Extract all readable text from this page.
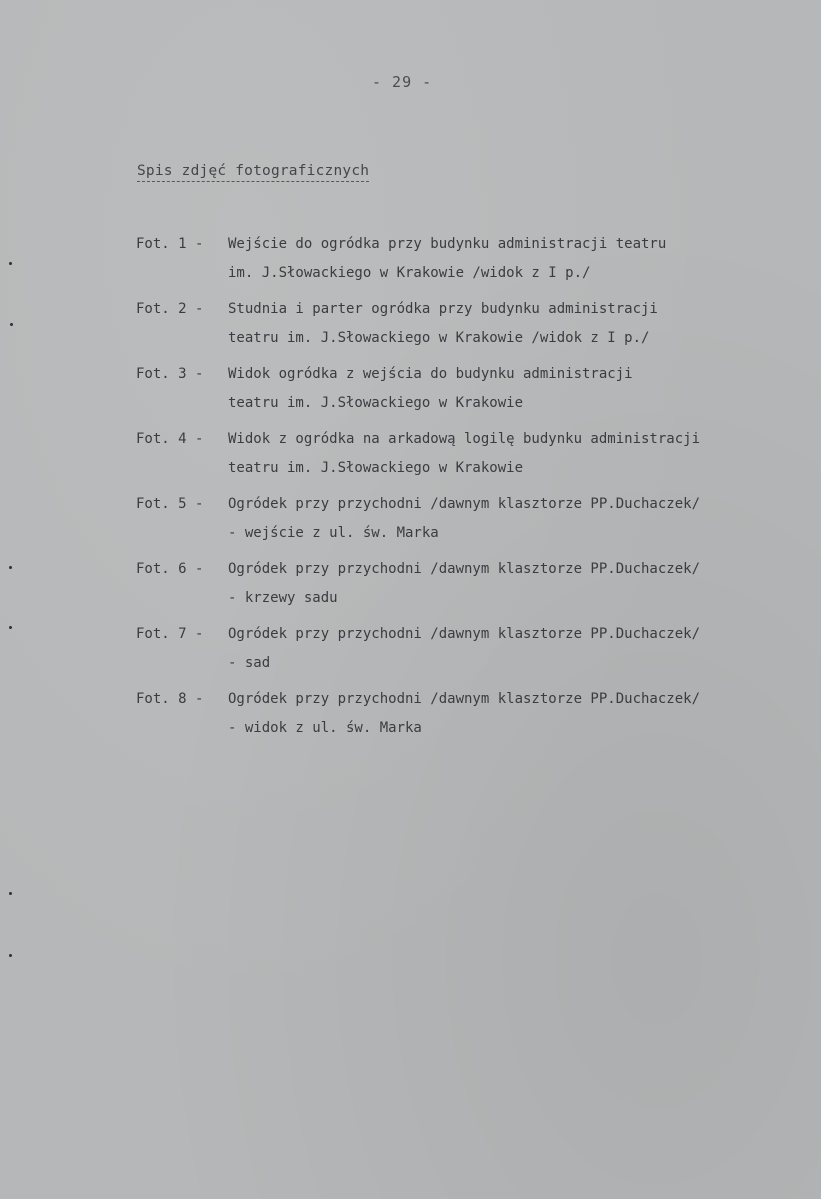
- 29 -
Spis zdjęć fotograficznych
Fot. 1 - Wejście do ogródka przy budynku administracji teatru
im. J.Słowackiego w Krakowie /widok z I p./
Fot. 2 - Studnia i parter ogródka przy budynku administracji
teatru im. J.Słowackiego w Krakowie /widok z I p./
Fot. 3 - Widok ogródka z wejścia do budynku administracji
teatru im. J.Słowackiego w Krakowie
Fot. 4 - Widok z ogródka na arkadową logilę budynku administracji
teatru im. J.Słowackiego w Krakowie
Fot. 5 - Ogródek przy przychodni /dawnym klasztorze PP.Duchaczek/
- wejście z ul. św. Marka
Fot. 6 - Ogródek przy przychodni /dawnym klasztorze PP.Duchaczek/
- krzewy sadu
Fot. 7 - Ogródek przy przychodni /dawnym klasztorze PP.Duchaczek/
- sad
Fot. 8 - Ogródek przy przychodni /dawnym klasztorze PP.Duchaczek/
- widok z ul. św. Marka
